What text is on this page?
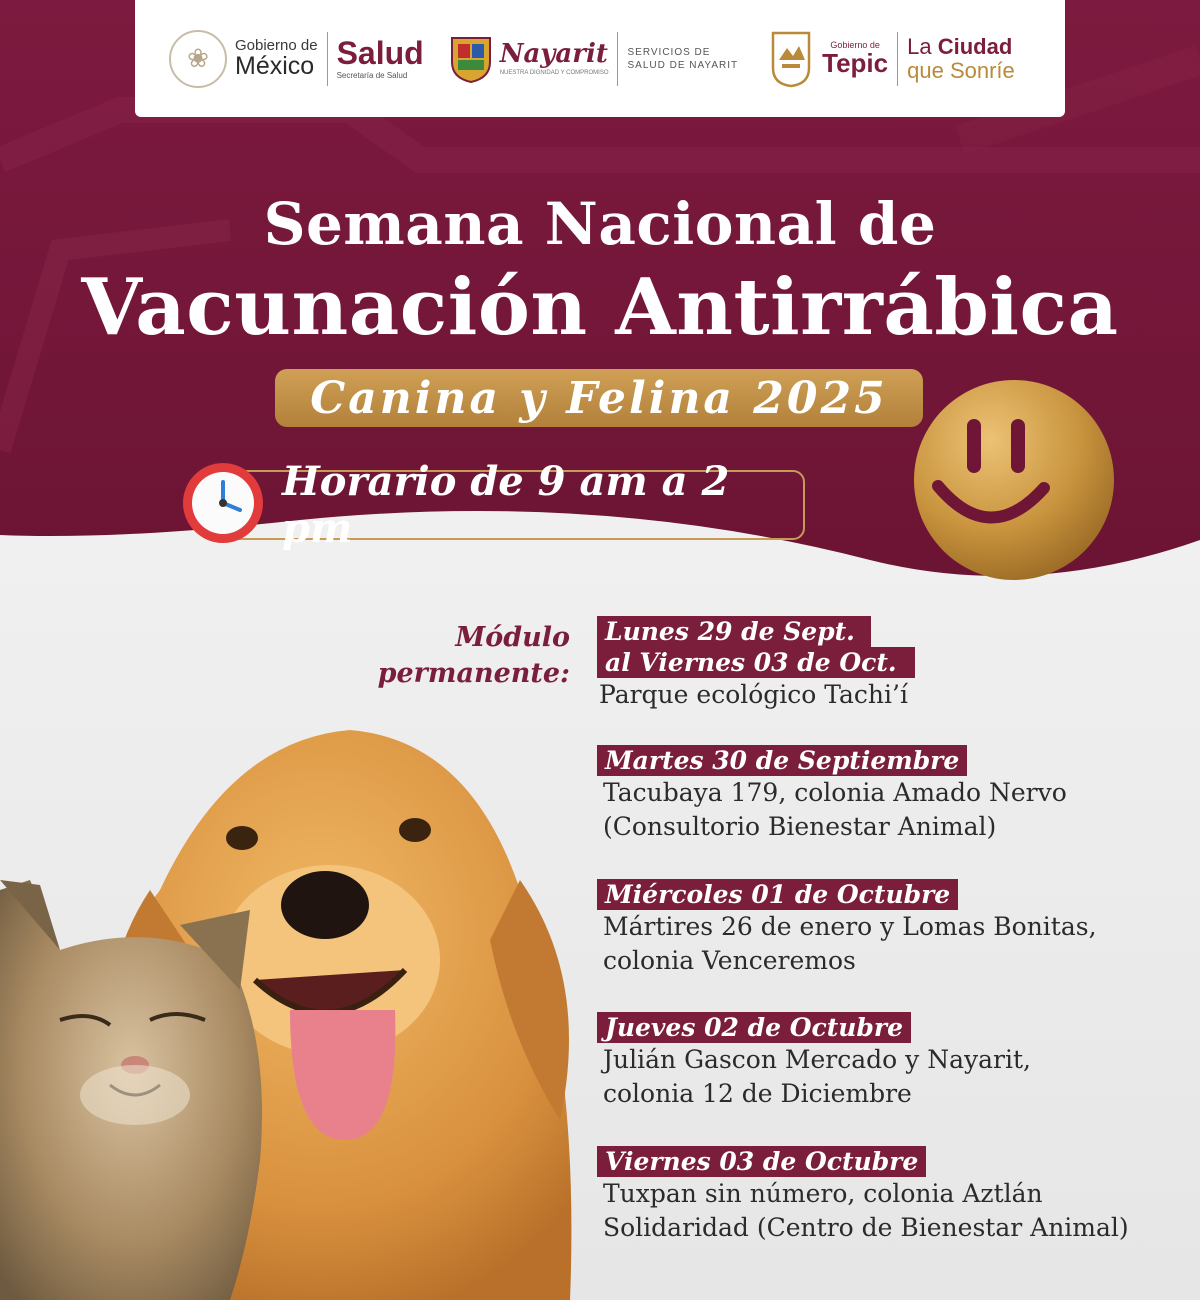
❀	Gobierno de
México Salud
Secretaría de Salud
Nayarit
NUESTRA DIGNIDAD Y COMPROMISO
SERVICIOS DE
SALUD DE NAYARIT
Gobierno de
Tepic
La Ciudad
que Sonríe
Semana Nacional de
Vacunación Antirrábica
Canina y Felina 2025
Horario de 9 am a 2 pm
Módulo
permanente:
Lunes 29 de Sept.
al Viernes 03 de Oct.
Parque ecológico Tachi’í
Martes 30 de Septiembre
Tacubaya 179, colonia Amado Nervo
(Consultorio Bienestar Animal)
Miércoles 01 de Octubre
Mártires 26 de enero y Lomas Bonitas,
colonia Venceremos
Jueves 02 de Octubre
Julián Gascon Mercado y Nayarit,
colonia 12 de Diciembre
Viernes 03 de Octubre
Tuxpan sin número, colonia Aztlán
Solidaridad (Centro de Bienestar Animal)
